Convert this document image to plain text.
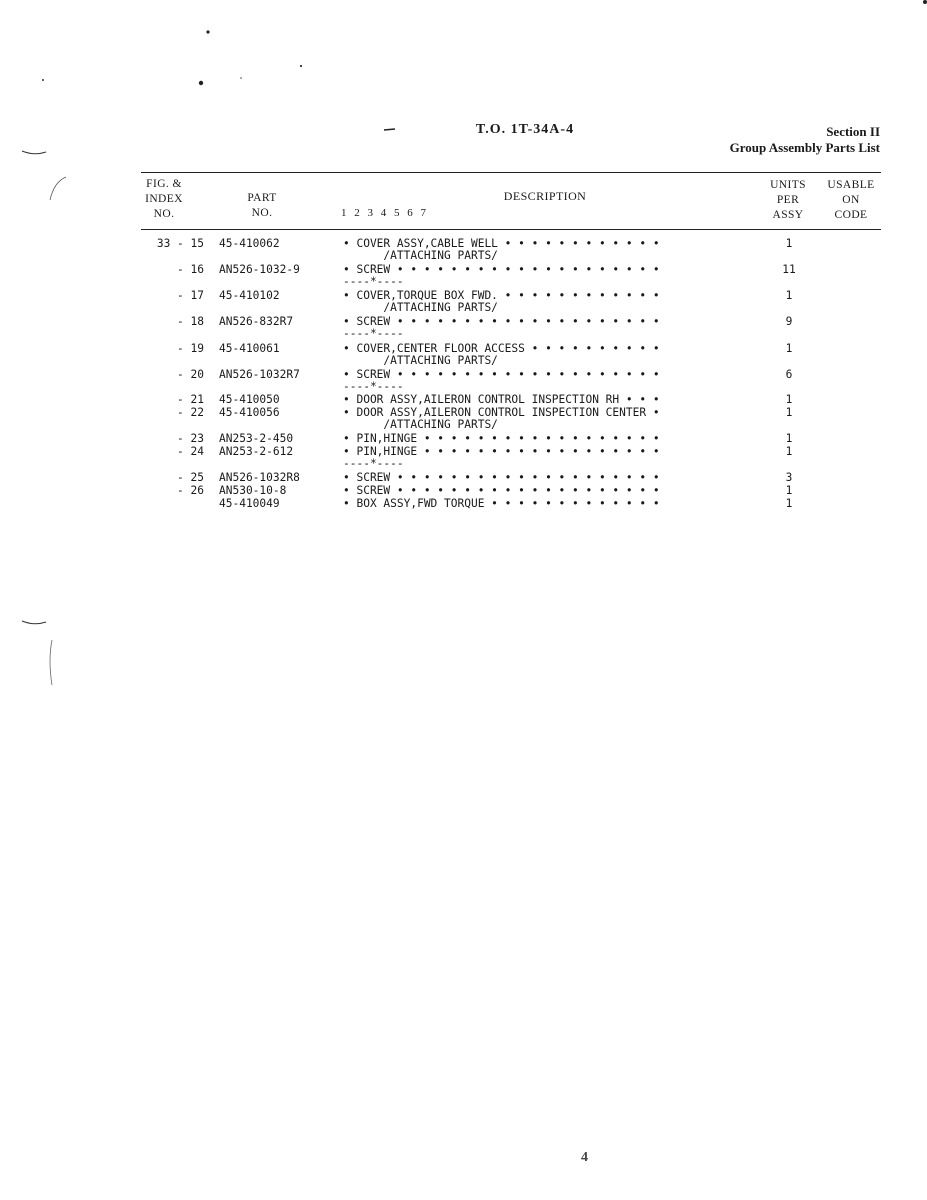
T.O. 1T-34A-4	Section II
Group Assembly Parts List
FIG. &
INDEX
NO.
PART
NO.
DESCRIPTION
1 2 3 4 5 6 7
UNITS
PER
ASSY
USABLE
ON
CODE
33 - 15 45-410062	• COVER ASSY,CABLE WELL • • • • • • • • • • • •	1
/ATTACHING PARTS/
- 16 AN526-1032-9	• SCREW • • • • • • • • • • • • • • • • • • • •	11
----*----
- 17 45-410102	• COVER,TORQUE BOX FWD. • • • • • • • • • • • •	1
/ATTACHING PARTS/
- 18 AN526-832R7	• SCREW • • • • • • • • • • • • • • • • • • • •	9
----*----
- 19 45-410061	• COVER,CENTER FLOOR ACCESS • • • • • • • • • •	1
/ATTACHING PARTS/
- 20 AN526-1032R7	• SCREW • • • • • • • • • • • • • • • • • • • •	6
----*----
- 21 45-410050	• DOOR ASSY,AILERON CONTROL INSPECTION RH • • •	1
- 22 45-410056	• DOOR ASSY,AILERON CONTROL INSPECTION CENTER •	1
/ATTACHING PARTS/
- 23 AN253-2-450	• PIN,HINGE • • • • • • • • • • • • • • • • • •	1
- 24 AN253-2-612	• PIN,HINGE • • • • • • • • • • • • • • • • • •	1
----*----
- 25 AN526-1032R8	• SCREW • • • • • • • • • • • • • • • • • • • •	3
- 26 AN530-10-8	• SCREW • • • • • • • • • • • • • • • • • • • •	1
45-410049	• BOX ASSY,FWD TORQUE • • • • • • • • • • • • •	1
4
